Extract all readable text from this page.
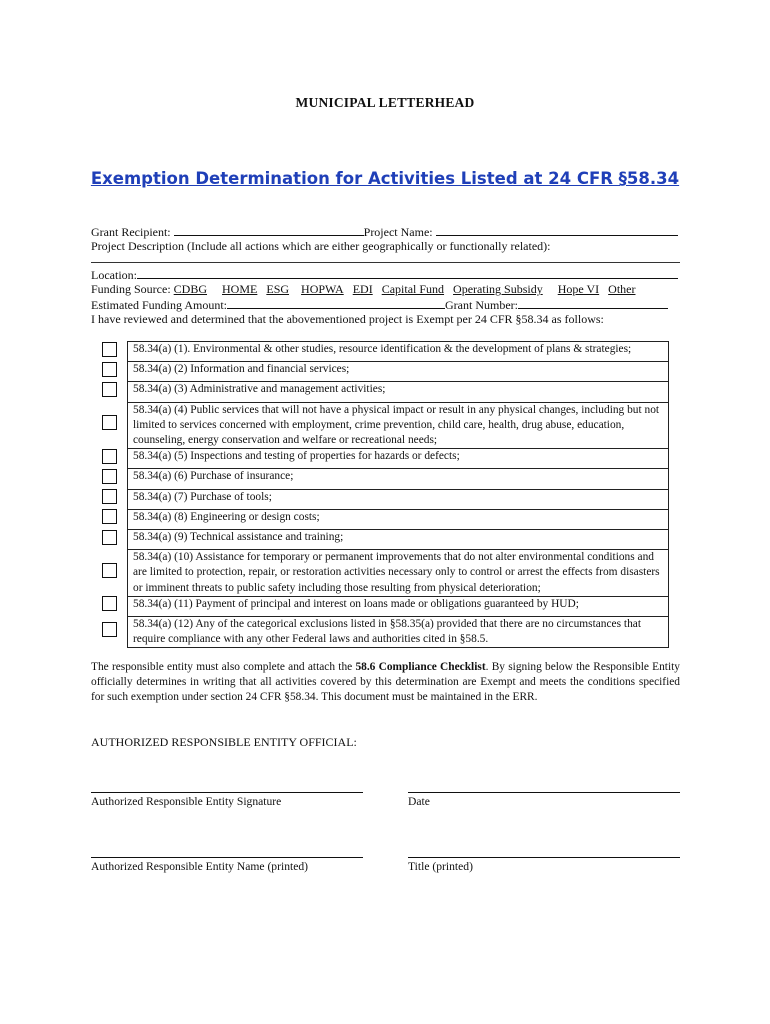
MUNICIPAL LETTERHEAD
Exemption Determination for Activities Listed at 24 CFR §58.34
Grant Recipient:	Project Name:
Project Description (Include all actions which are either geographically or functionally related):
Location:
Funding Source: CDBG HOME ESG HOPWA EDI Capital Fund Operating Subsidy Hope VI Other
Estimated Funding Amount:	Grant Number:
I have reviewed and determined that the abovementioned project is Exempt per 24 CFR §58.34 as follows:
	58.34(a) (1). Environmental & other studies, resource identification & the development of plans & strategies;
	58.34(a) (2) Information and financial services;
	58.34(a) (3) Administrative and management activities;
	58.34(a) (4) Public services that will not have a physical impact or result in any physical changes, including but not limited to services concerned with employment, crime prevention, child care, health, drug abuse, education, counseling, energy conservation and welfare or recreational needs;
	58.34(a) (5) Inspections and testing of properties for hazards or defects;
	58.34(a) (6) Purchase of insurance;
	58.34(a) (7) Purchase of tools;
	58.34(a) (8) Engineering or design costs;
	58.34(a) (9) Technical assistance and training;
	58.34(a) (10) Assistance for temporary or permanent improvements that do not alter environmental conditions and are limited to protection, repair, or restoration activities necessary only to control or arrest the effects from disasters or imminent threats to public safety including those resulting from physical deterioration;
	58.34(a) (11) Payment of principal and interest on loans made or obligations guaranteed by HUD;
	58.34(a) (12) Any of the categorical exclusions listed in §58.35(a) provided that there are no circumstances that require compliance with any other Federal laws and authorities cited in §58.5.
The responsible entity must also complete and attach the 58.6 Compliance Checklist. By signing below the Responsible Entity officially determines in writing that all activities covered by this determination are Exempt and meets the conditions specified for such exemption under section 24 CFR §58.34. This document must be maintained in the ERR.
AUTHORIZED RESPONSIBLE ENTITY OFFICIAL:
Authorized Responsible Entity Signature	Date
Authorized Responsible Entity Name (printed)	Title (printed)
